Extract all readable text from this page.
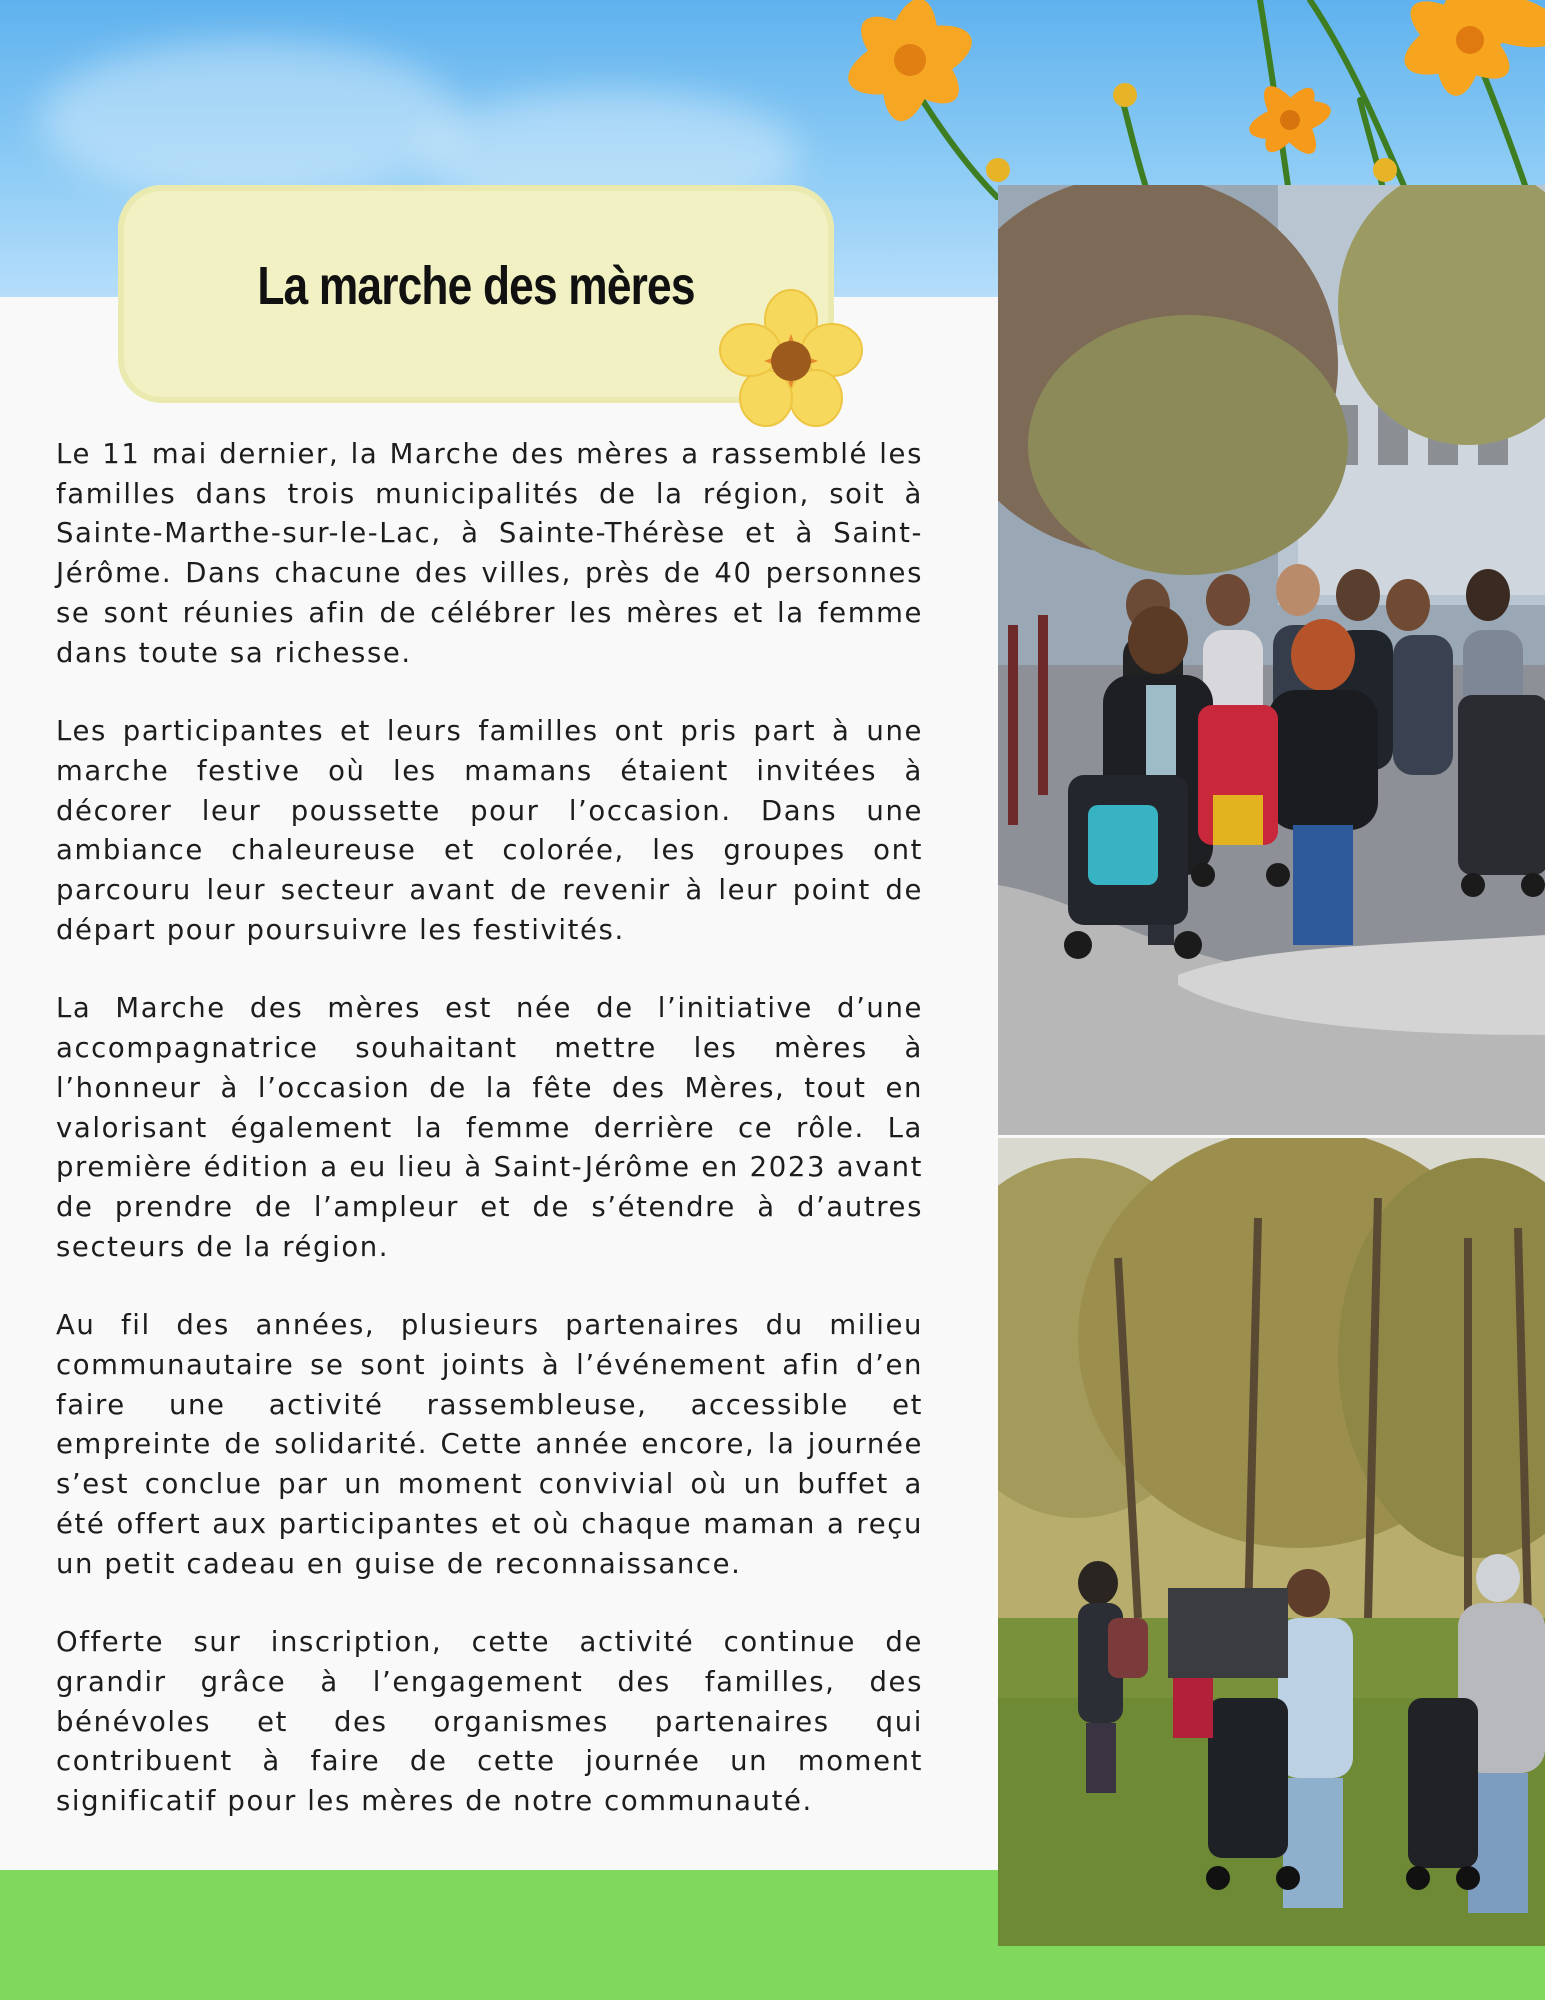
La marche des mères

Le 11 mai dernier, la Marche des mères a rassemblé les familles dans trois municipalités de la région, soit à Sainte-Marthe-sur-le-Lac, à Sainte-Thérèse et à Saint-Jérôme. Dans chacune des villes, près de 40 personnes se sont réunies afin de célébrer les mères et la femme dans toute sa richesse.

Les participantes et leurs familles ont pris part à une marche festive où les mamans étaient invitées à décorer leur poussette pour l’occasion. Dans une ambiance chaleureuse et colorée, les groupes ont parcouru leur secteur avant de revenir à leur point de départ pour poursuivre les festivités.

La Marche des mères est née de l’initiative d’une accompagnatrice souhaitant mettre les mères à l’honneur à l’occasion de la fête des Mères, tout en valorisant également la femme derrière ce rôle. La première édition a eu lieu à Saint-Jérôme en 2023 avant de prendre de l’ampleur et de s’étendre à d’autres secteurs de la région.

Au fil des années, plusieurs partenaires du milieu communautaire se sont joints à l’événement afin d’en faire une activité rassembleuse, accessible et empreinte de solidarité. Cette année encore, la journée s’est conclue par un moment convivial où un buffet a été offert aux participantes et où chaque maman a reçu un petit cadeau en guise de reconnaissance.

Offerte sur inscription, cette activité continue de grandir grâce à l’engagement des familles, des bénévoles et des organismes partenaires qui contribuent à faire de cette journée un moment significatif pour les mères de notre communauté.
